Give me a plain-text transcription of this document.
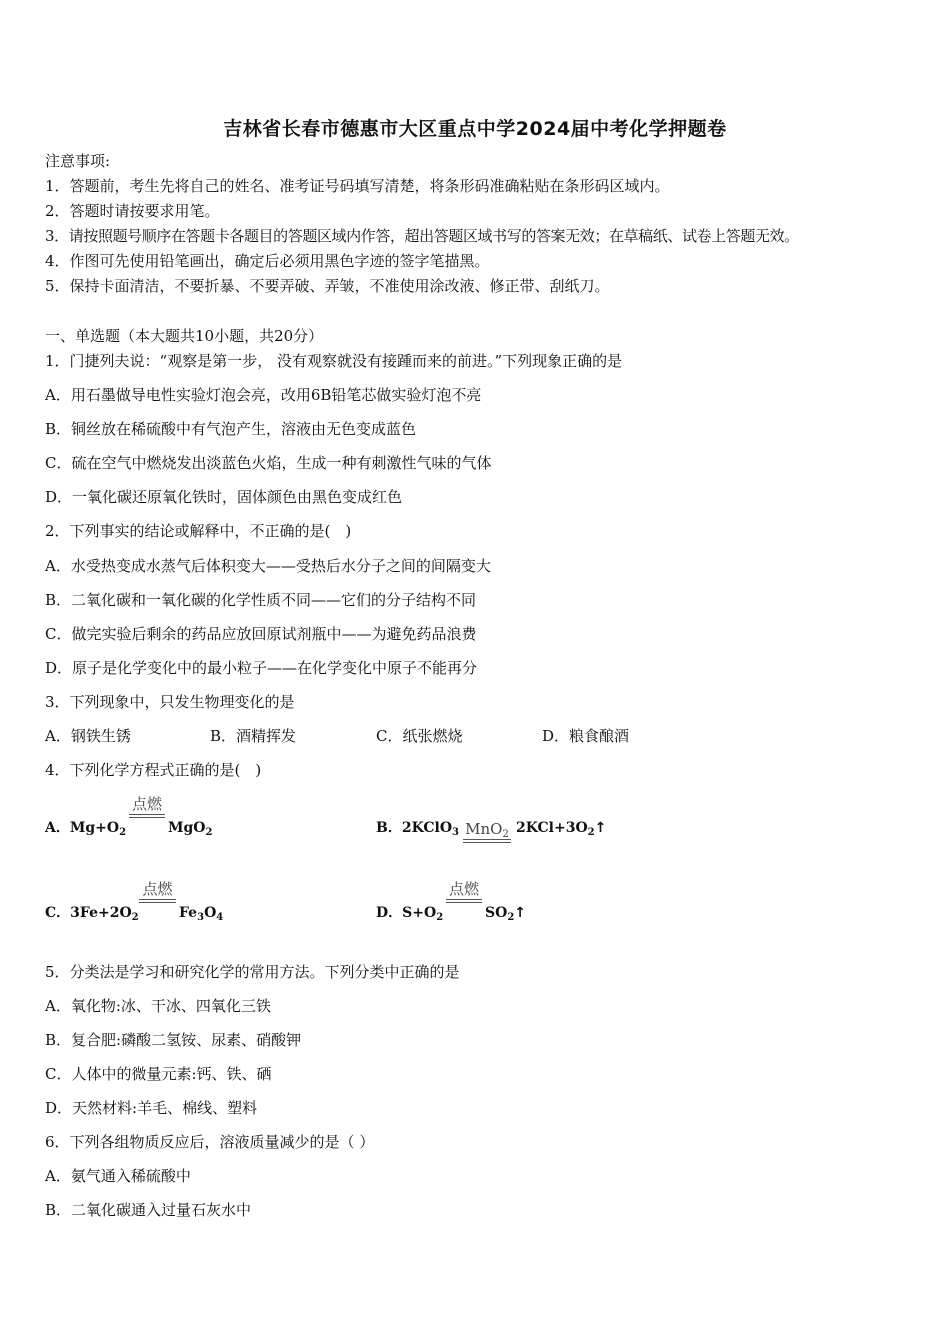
吉林省长春市德惠市大区重点中学2024届中考化学押题卷
注意事项:
1．答题前，考生先将自己的姓名、准考证号码填写清楚，将条形码准确粘贴在条形码区域内。
2．答题时请按要求用笔。
3．请按照题号顺序在答题卡各题目的答题区域内作答，超出答题区域书写的答案无效；在草稿纸、试卷上答题无效。
4．作图可先使用铅笔画出，确定后必须用黑色字迹的签字笔描黑。
5．保持卡面清洁，不要折暴、不要弄破、弄皱，不准使用涂改液、修正带、刮纸刀。
一、单选题（本大题共10小题，共20分）
1．门捷列夫说：“观察是第一步， 没有观察就没有接踵而来的前进。”下列现象正确的是
A．用石墨做导电性实验灯泡会亮，改用6B铅笔芯做实验灯泡不亮
B．铜丝放在稀硫酸中有气泡产生，溶液由无色变成蓝色
C．硫在空气中燃烧发出淡蓝色火焰，生成一种有刺激性气味的气体
D．一氧化碳还原氧化铁时，固体颜色由黑色变成红色
2．下列事实的结论或解释中，不正确的是(　)
A．水受热变成水蒸气后体积变大——受热后水分子之间的间隔变大
B．二氧化碳和一氧化碳的化学性质不同——它们的分子结构不同
C．做完实验后剩余的药品应放回原试剂瓶中——为避免药品浪费
D．原子是化学变化中的最小粒子——在化学变化中原子不能再分
3．下列现象中，只发生物理变化的是
A．钢铁生锈	B．酒精挥发	C．纸张燃烧	D．粮食酿酒
4．下列化学方程式正确的是(　)
A．$Mg+O_2$
点燃
MgO$_2$	B．2KClO$_3$ MnO$_2$ $2KCl+3O_2↑$
C．$3Fe+2O_2$
点燃
$Fe_3O_4$	D．$S+O_2$
点燃
$SO_2↑$
5．分类法是学习和研究化学的常用方法。下列分类中正确的是
A．氧化物:冰、干冰、四氧化三铁
B．复合肥:磷酸二氢铵、尿素、硝酸钾
C．人体中的微量元素:钙、铁、硒
D．天然材料:羊毛、棉线、塑料
6．下列各组物质反应后，溶液质量减少的是（ ）
A．氨气通入稀硫酸中
B．二氧化碳通入过量石灰水中
